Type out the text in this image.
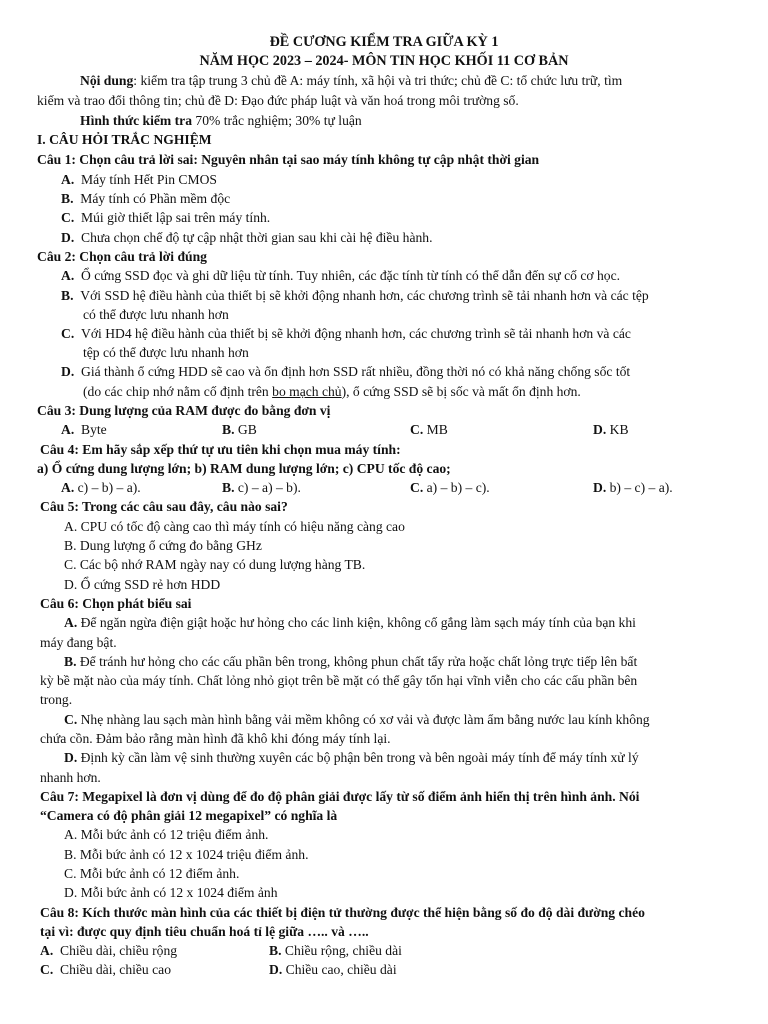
ĐỀ CƯƠNG KIỂM TRA GIỮA KỲ 1
NĂM HỌC 2023 – 2024- MÔN TIN HỌC KHỐI 11 CƠ BẢN
Nội dung: kiểm tra tập trung 3 chủ đề A: máy tính, xã hội và tri thức; chủ đề C: tổ chức lưu trữ, tìm
kiếm và trao đổi thông tin; chủ đề D: Đạo đức pháp luật và văn hoá trong môi trường số.
Hình thức kiểm tra 70% trắc nghiệm; 30% tự luận
I. CÂU HỎI TRẮC NGHIỆM
Câu 1: Chọn câu trả lời sai: Nguyên nhân tại sao máy tính không tự cập nhật thời gian
A. Máy tính Hết Pin CMOS
B. Máy tính có Phần mềm độc
C. Múi giờ thiết lập sai trên máy tính.
D. Chưa chọn chế độ tự cập nhật thời gian sau khi cài hệ điều hành.
Câu 2: Chọn câu trả lời đúng
A. Ổ cứng SSD đọc và ghi dữ liệu từ tính. Tuy nhiên, các đặc tính từ tính có thể dẫn đến sự cố cơ học.
B. Với SSD hệ điều hành của thiết bị sẽ khởi động nhanh hơn, các chương trình sẽ tải nhanh hơn và các tệp
có thể được lưu nhanh hơn
C. Với HD4 hệ điều hành của thiết bị sẽ khởi động nhanh hơn, các chương trình sẽ tải nhanh hơn và các
tệp có thể được lưu nhanh hơn
D. Giá thành ổ cứng HDD sẽ cao và ổn định hơn SSD rất nhiều, đồng thời nó có khả năng chống sốc tốt
(do các chip nhớ nằm cố định trên bo mạch chủ), ổ cứng SSD sẽ bị sốc và mất ổn định hơn.
Câu 3: Dung lượng của RAM được đo bằng đơn vị
A. Byte	B. GB	C. MB	D. KB
Câu 4: Em hãy sắp xếp thứ tự ưu tiên khi chọn mua máy tính:
a) Ổ cứng dung lượng lớn; b) RAM dung lượng lớn; c) CPU tốc độ cao;
A. c) – b) – a).	B. c) – a) – b).	C. a) – b) – c).	D. b) – c) – a).
Câu 5: Trong các câu sau đây, câu nào sai?
A. CPU có tốc độ càng cao thì máy tính có hiệu năng càng cao
B. Dung lượng ổ cứng đo bằng GHz
C. Các bộ nhớ RAM ngày nay có dung lượng hàng TB.
D. Ổ cứng SSD rẻ hơn HDD
Câu 6: Chọn phát biểu sai
A. Để ngăn ngừa điện giật hoặc hư hỏng cho các linh kiện, không cố gắng làm sạch máy tính của bạn khi
máy đang bật.
B. Để tránh hư hỏng cho các cấu phần bên trong, không phun chất tẩy rửa hoặc chất lỏng trực tiếp lên bất
kỳ bề mặt nào của máy tính. Chất lỏng nhỏ giọt trên bề mặt có thể gây tổn hại vĩnh viễn cho các cấu phần bên
trong.
C. Nhẹ nhàng lau sạch màn hình bằng vải mềm không có xơ vải và được làm ẩm bằng nước lau kính không
chứa cồn. Đảm bảo rằng màn hình đã khô khi đóng máy tính lại.
D. Định kỳ cần làm vệ sinh thường xuyên các bộ phận bên trong và bên ngoài máy tính để máy tính xử lý
nhanh hơn.
Câu 7: Megapixel là đơn vị dùng để đo độ phân giải được lấy từ số điểm ảnh hiển thị trên hình ảnh. Nói
“Camera có độ phân giải 12 megapixel” có nghĩa là
A. Mỗi bức ảnh có 12 triệu điểm ảnh.
B. Mỗi bức ảnh có 12 x 1024 triệu điểm ảnh.
C. Mỗi bức ảnh có 12 điểm ảnh.
D. Mỗi bức ảnh có 12 x 1024 điểm ảnh
Câu 8: Kích thước màn hình của các thiết bị điện tử thường được thể hiện bằng số đo độ dài đường chéo
tại vì: được quy định tiêu chuẩn hoá tỉ lệ giữa ….. và …..
A. Chiều dài, chiều rộng	B. Chiều rộng, chiều dài
C. Chiều dài, chiều cao	D. Chiều cao, chiều dài
